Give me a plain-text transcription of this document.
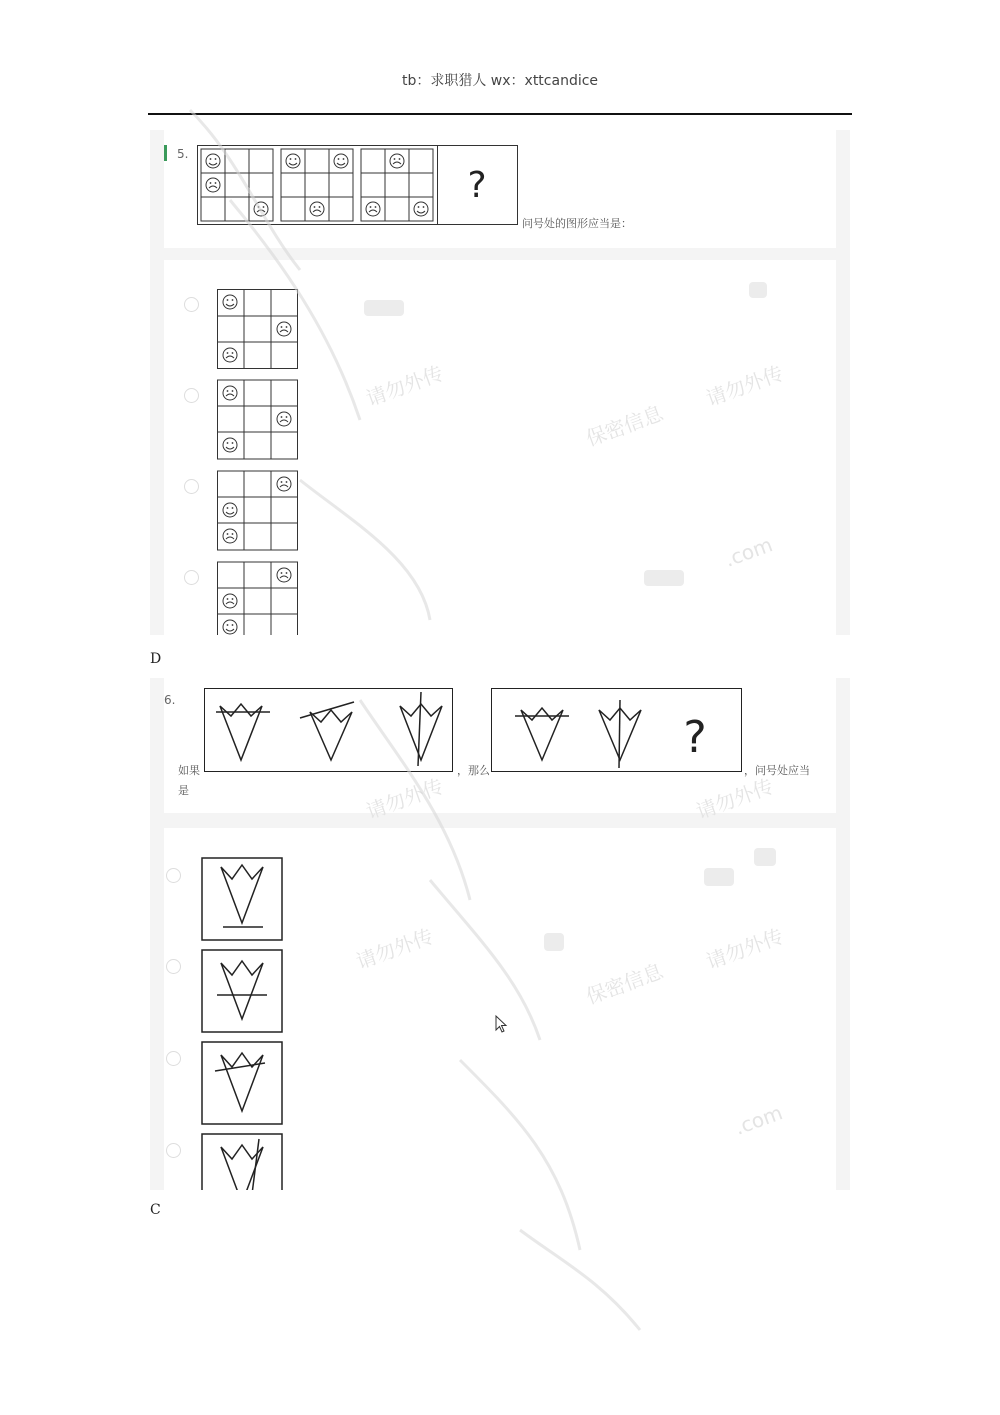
tb：求职猎人 wx：xttcandice
5.
?
问号处的图形应当是：
请勿外传
保密信息
请勿外传
.com
D
6.
?
如果	，那么	，问号处应当
是	请勿外传	请勿外传
请勿外传
保密信息
请勿外传
.com
C
